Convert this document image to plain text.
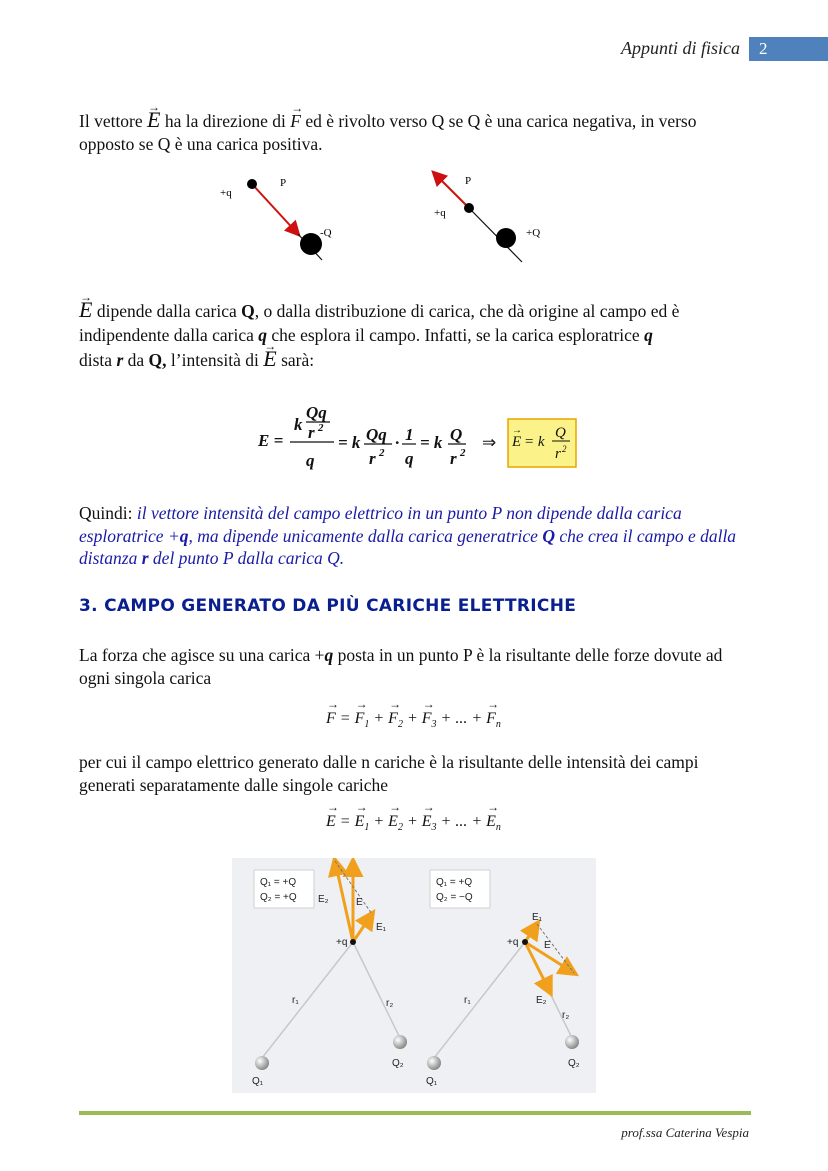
Appunti di fisica	2
Il vettore → E ha la direzione di → F ed è rivolto verso Q se Q è una carica negativa, in verso opposto se Q è una carica positiva.
+q
P
-Q
+q
P
+Q
→ E dipende dalla carica Q, o dalla distribuzione di carica, che dà origine al campo ed è indipendente dalla carica q che esplora il campo. Infatti, se la carica esploratrice q
dista r da Q, l’intensità di → E sarà:
E =
k
Qq
r 2
q
= k Qq
r 2
· 1
q
= k Q
r 2
⇒ E
→
= k
Q
r 2
Quindi: il vettore intensità del campo elettrico in un punto P non dipende dalla carica esploratrice +q, ma dipende unicamente dalla carica generatrice Q che crea il campo e dalla distanza r del punto P dalla carica Q.
3. CAMPO GENERATO DA PIÙ CARICHE ELETTRICHE
La forza che agisce su una carica +q posta in un punto P è la risultante delle forze dovute ad ogni singola carica
→ F = → $F_1$ + → $F_2$ + → $F_3$ + ... + → $F_n$
per cui il campo elettrico generato dalle n cariche è la risultante delle intensità dei campi generati separatamente dalle singole cariche
→ E = → $E_1$ + → $E_2$ + → $E_3$ + ... + → $E_n$
Q₁ = +Q
Q₂ = +Q	E
E₁
E₂
+q
r₁	r₂
Q₁
Q₂
Q₁ = +Q
Q₂ = −Q
E
E₁
E₂
+q
r₁
r₂
Q₁
Q₂
prof.ssa Caterina Vespia
